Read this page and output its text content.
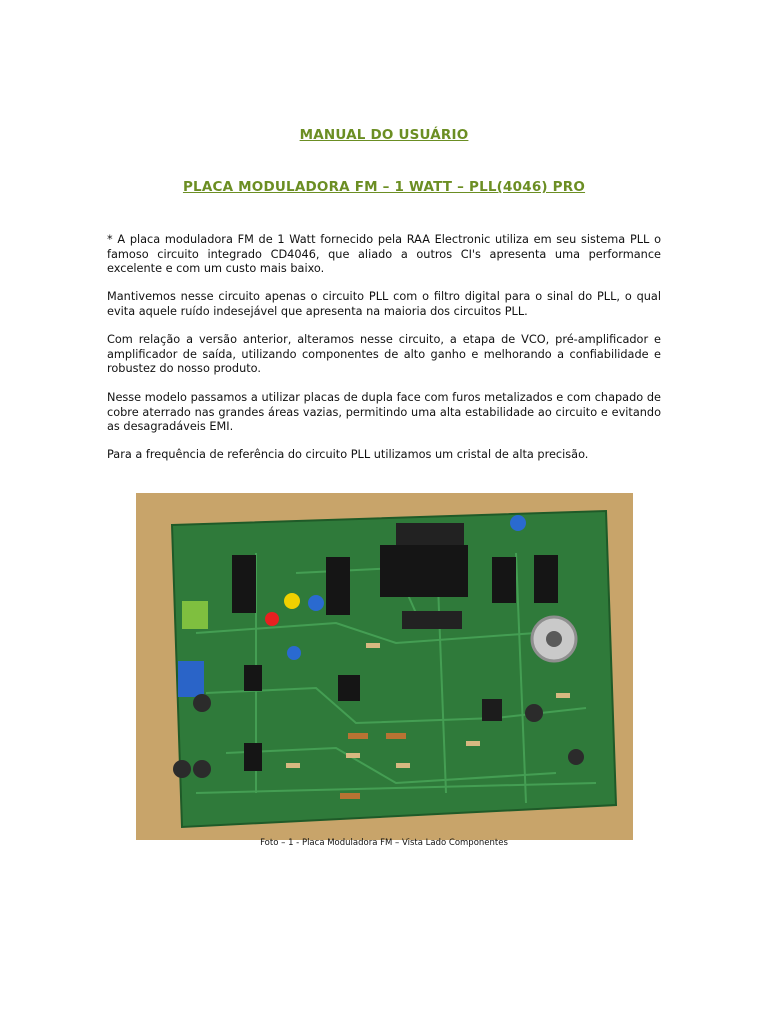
MANUAL DO USUÁRIO
PLACA MODULADORA FM – 1 WATT – PLL(4046) PRO
* A placa moduladora FM de 1 Watt fornecido pela RAA Electronic utiliza em seu sistema PLL o famoso circuito integrado CD4046, que aliado a outros CI's apresenta uma performance excelente e com um custo mais baixo.
Mantivemos nesse circuito apenas o circuito PLL com o filtro digital para o sinal do PLL, o qual evita aquele ruído indesejável que apresenta na maioria dos circuitos PLL.
Com relação a versão anterior, alteramos nesse circuito, a etapa de VCO, pré-amplificador e amplificador de saída, utilizando componentes de alto ganho e melhorando a confiabilidade e robustez do nosso produto.
Nesse modelo passamos a utilizar placas de dupla face com furos metalizados e com chapado de cobre aterrado nas grandes áreas vazias, permitindo uma alta estabilidade ao circuito e evitando as desagradáveis EMI.
Para a frequência de referência do circuito PLL utilizamos um cristal de alta precisão.
Foto – 1 - Placa Moduladora FM – Vista Lado Componentes
